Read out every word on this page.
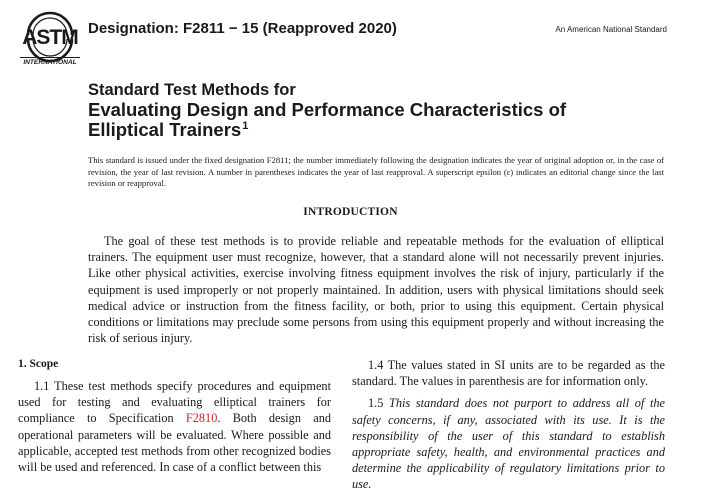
ASTM
INTERNATIONAL

Designation: F2811 − 15 (Reapproved 2020)	An American National Standard

Standard Test Methods for
Evaluating Design and Performance Characteristics of
Elliptical Trainers$^1$

This standard is issued under the fixed designation F2811; the number immediately following the designation indicates the year of original adoption or, in the case of revision, the year of last revision. A number in parentheses indicates the year of last reapproval. A superscript epsilon (ε) indicates an editorial change since the last revision or reapproval.

INTRODUCTION

The goal of these test methods is to provide reliable and repeatable methods for the evaluation of elliptical trainers. The equipment user must recognize, however, that a standard alone will not necessarily prevent injuries. Like other physical activities, exercise involving fitness equipment involves the risk of injury, particularly if the equipment is used improperly or not properly maintained. In addition, users with physical limitations should seek medical advice or instruction from the fitness facility, or both, prior to using this equipment. Certain physical conditions or limitations may preclude some persons from using this equipment properly and without increasing the risk of serious injury.

1. Scope

1.1 These test methods specify procedures and equipment used for testing and evaluating elliptical trainers for compliance to Specification F2810. Both design and operational parameters will be evaluated. Where possible and applicable, accepted test methods from other recognized bodies will be used and referenced. In case of a conflict between this

1.4 The values stated in SI units are to be regarded as the standard. The values in parenthesis are for information only.

1.5 This standard does not purport to address all of the safety concerns, if any, associated with its use. It is the responsibility of the user of this standard to establish appropriate safety, health, and environmental practices and determine the applicability of regulatory limitations prior to use.
